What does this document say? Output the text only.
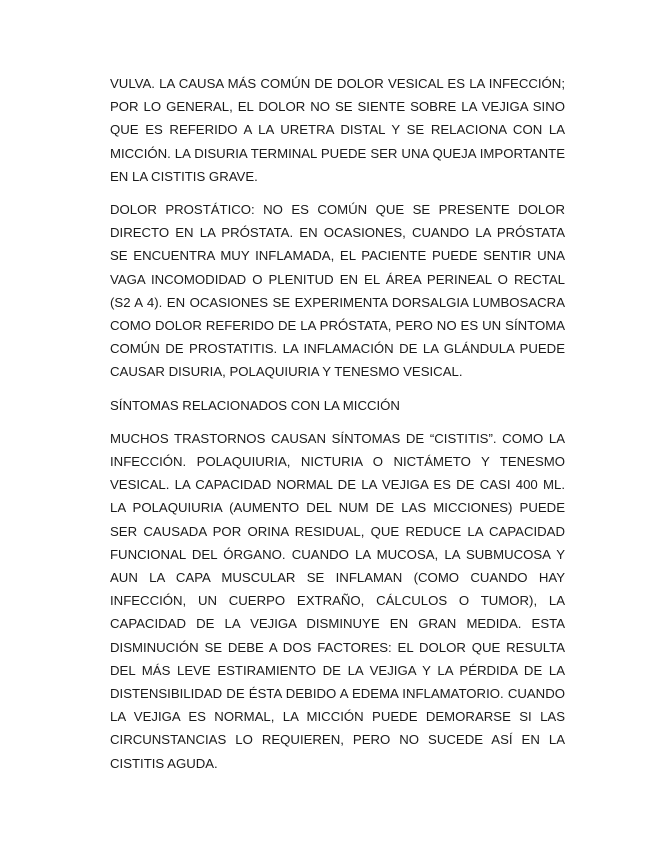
VULVA. LA CAUSA MÁS COMÚN DE DOLOR VESICAL ES LA INFECCIÓN; POR LO GENERAL, EL DOLOR NO SE SIENTE SOBRE LA VEJIGA SINO QUE ES REFERIDO A LA URETRA DISTAL Y SE RELACIONA CON LA MICCIÓN. LA DISURIA TERMINAL PUEDE SER UNA QUEJA IMPORTANTE EN LA CISTITIS GRAVE.

DOLOR PROSTÁTICO: NO ES COMÚN QUE SE PRESENTE DOLOR DIRECTO EN LA PRÓSTATA. EN OCASIONES, CUANDO LA PRÓSTATA SE ENCUENTRA MUY INFLAMADA, EL PACIENTE PUEDE SENTIR UNA VAGA INCOMODIDAD O PLENITUD EN EL ÁREA PERINEAL O RECTAL (S2 A 4). EN OCASIONES SE EXPERIMENTA DORSALGIA LUMBOSACRA COMO DOLOR REFERIDO DE LA PRÓSTATA, PERO NO ES UN SÍNTOMA COMÚN DE PROSTATITIS. LA INFLAMACIÓN DE LA GLÁNDULA PUEDE CAUSAR DISURIA, POLAQUIURIA Y TENESMO VESICAL.

SÍNTOMAS RELACIONADOS CON LA MICCIÓN

MUCHOS TRASTORNOS CAUSAN SÍNTOMAS DE “CISTITIS”. COMO LA INFECCIÓN. POLAQUIURIA, NICTURIA O NICTÁMETO Y TENESMO VESICAL. LA CAPACIDAD NORMAL DE LA VEJIGA ES DE CASI 400 ML. LA POLAQUIURIA (AUMENTO DEL NUM DE LAS MICCIONES) PUEDE SER CAUSADA POR ORINA RESIDUAL, QUE REDUCE LA CAPACIDAD FUNCIONAL DEL ÓRGANO. CUANDO LA MUCOSA, LA SUBMUCOSA Y AUN LA CAPA MUSCULAR SE INFLAMAN (COMO CUANDO HAY INFECCIÓN, UN CUERPO EXTRAÑO, CÁLCULOS O TUMOR), LA CAPACIDAD DE LA VEJIGA DISMINUYE EN GRAN MEDIDA. ESTA DISMINUCIÓN SE DEBE A DOS FACTORES: EL DOLOR QUE RESULTA DEL MÁS LEVE ESTIRAMIENTO DE LA VEJIGA Y LA PÉRDIDA DE LA DISTENSIBILIDAD DE ÉSTA DEBIDO A EDEMA INFLAMATORIO. CUANDO LA VEJIGA ES NORMAL, LA MICCIÓN PUEDE DEMORARSE SI LAS CIRCUNSTANCIAS LO REQUIEREN, PERO NO SUCEDE ASÍ EN LA CISTITIS AGUDA.
